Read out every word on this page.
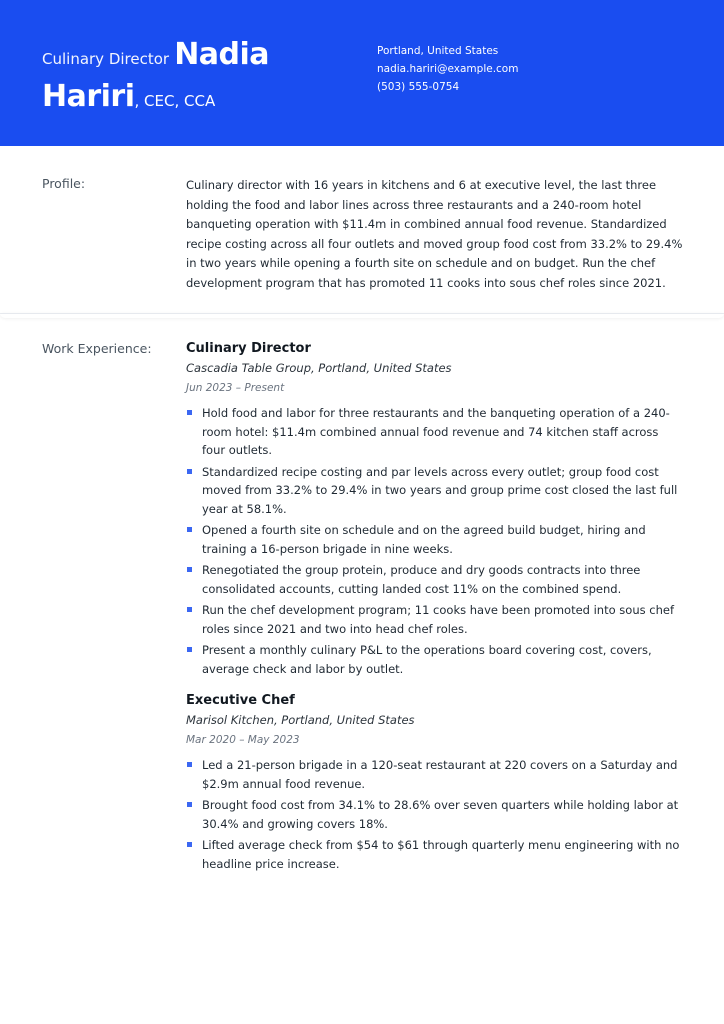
Culinary Director Nadia
Hariri, CEC, CCA
Portland, United States
nadia.hariri@example.com
(503) 555-0754
Profile:	Culinary director with 16 years in kitchens and 6 at executive level, the last three holding the food and labor lines across three restaurants and a 240-room hotel banqueting operation with $11.4m in combined annual food revenue. Standardized recipe costing across all four outlets and moved group food cost from 33.2% to 29.4% in two years while opening a fourth site on schedule and on budget. Run the chef development program that has promoted 11 cooks into sous chef roles since 2021.
Work Experience:	Culinary Director
Cascadia Table Group, Portland, United States
Jun 2023 – Present
Hold food and labor for three restaurants and the banqueting operation of a 240-room hotel: $11.4m combined annual food revenue and 74 kitchen staff across four outlets.
Standardized recipe costing and par levels across every outlet; group food cost moved from 33.2% to 29.4% in two years and group prime cost closed the last full year at 58.1%.
Opened a fourth site on schedule and on the agreed build budget, hiring and training a 16-person brigade in nine weeks.
Renegotiated the group protein, produce and dry goods contracts into three consolidated accounts, cutting landed cost 11% on the combined spend.
Run the chef development program; 11 cooks have been promoted into sous chef roles since 2021 and two into head chef roles.
Present a monthly culinary P&L to the operations board covering cost, covers, average check and labor by outlet.
Executive Chef
Marisol Kitchen, Portland, United States
Mar 2020 – May 2023
Led a 21-person brigade in a 120-seat restaurant at 220 covers on a Saturday and $2.9m annual food revenue.
Brought food cost from 34.1% to 28.6% over seven quarters while holding labor at 30.4% and growing covers 18%.
Lifted average check from $54 to $61 through quarterly menu engineering with no headline price increase.
